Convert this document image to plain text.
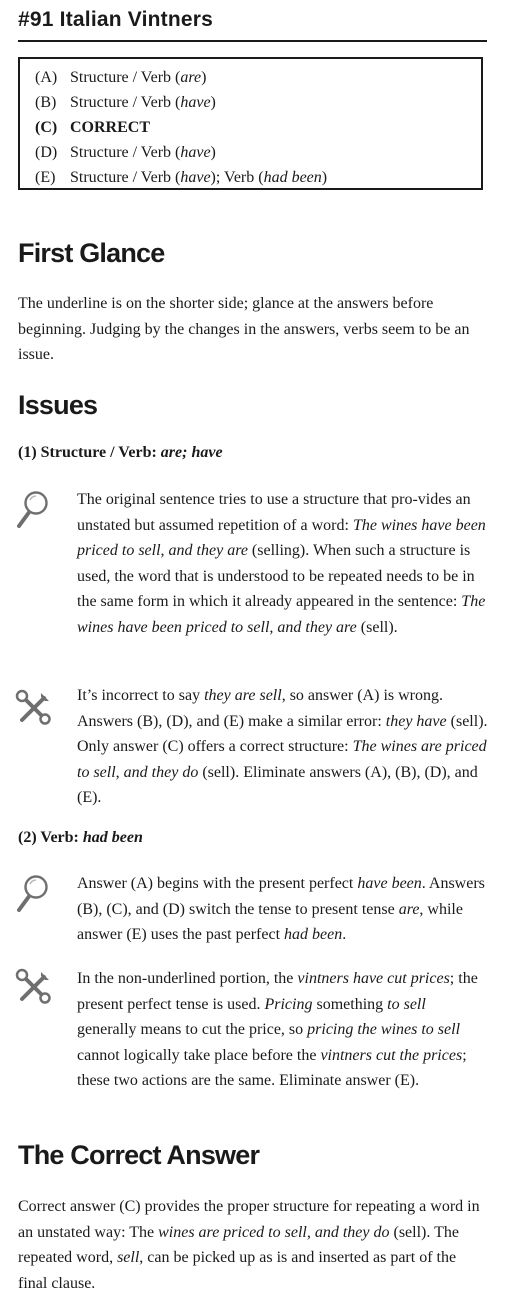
#91 Italian Vintners
(A) Structure / Verb (are)
(B) Structure / Verb (have)
(C) CORRECT
(D) Structure / Verb (have)
(E) Structure / Verb (have); Verb (had been)
First Glance
The underline is on the shorter side; glance at the answers before beginning. Judging by the changes in the answers, verbs seem to be an issue.
Issues
(1) Structure / Verb: are; have
The original sentence tries to use a structure that pro-vides an unstated but assumed repetition of a word: The wines have been priced to sell, and they are (selling). When such a structure is used, the word that is understood to be repeated needs to be in the same form in which it already appeared in the sentence: The wines have been priced to sell, and they are (sell).
It’s incorrect to say they are sell, so answer (A) is wrong. Answers (B), (D), and (E) make a similar error: they have (sell). Only answer (C) offers a correct structure: The wines are priced to sell, and they do (sell). Eliminate answers (A), (B), (D), and (E).
(2) Verb: had been
Answer (A) begins with the present perfect have been. Answers (B), (C), and (D) switch the tense to present tense are, while answer (E) uses the past perfect had been.
In the non-underlined portion, the vintners have cut prices; the present perfect tense is used. Pricing something to sell generally means to cut the price, so pricing the wines to sell cannot logically take place before the vintners cut the prices; these two actions are the same. Eliminate answer (E).
The Correct Answer
Correct answer (C) provides the proper structure for repeating a word in an unstated way: The wines are priced to sell, and they do (sell). The repeated word, sell, can be picked up as is and inserted as part of the final clause.
